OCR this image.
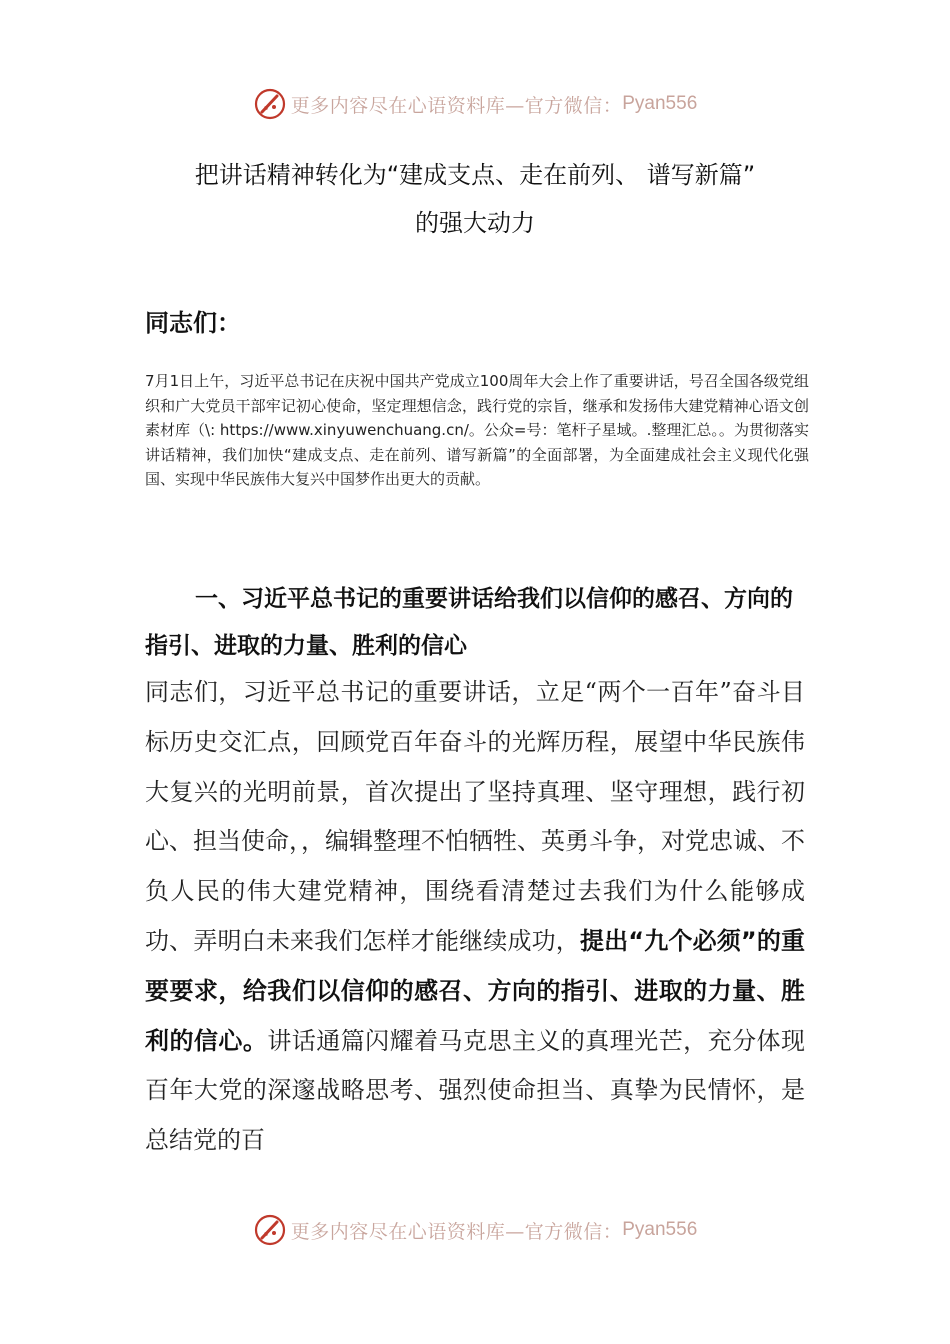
更多内容尽在心语资料库—官方微信： Pyan556
把讲话精神转化为“建成支点、走在前列、 谱写新篇”
的强大动力
同志们：
7月1日上午，习近平总书记在庆祝中国共产党成立100周年大会上作了重要讲话，号召全国各级党组织和广大党员干部牢记初心使命，坚定理想信念，践行党的宗旨，继承和发扬伟大建党精神心语文创素材库（\: https://www.xinyuwenchuang.cn/。公众=号：笔杆子星域。.整理汇总。。为贯彻落实讲话精神，我们加快“建成支点、走在前列、谱写新篇”的全面部署，为全面建成社会主义现代化强国、实现中华民族伟大复兴中国梦作出更大的贡献。
一、习近平总书记的重要讲话给我们以信仰的感召、方向的指引、进取的力量、胜利的信心
同志们，习近平总书记的重要讲话，立足“两个一百年”奋斗目标历史交汇点，回顾党百年奋斗的光辉历程，展望中华民族伟大复兴的光明前景，首次提出了坚持真理、坚守理想，践行初心、担当使命，，编辑整理不怕牺牲、英勇斗争，对党忠诚、不负人民的伟大建党精神，围绕看清楚过去我们为什么能够成功、弄明白未来我们怎样才能继续成功，提出“九个必须”的重要要求，给我们以信仰的感召、方向的指引、进取的力量、胜利的信心。讲话通篇闪耀着马克思主义的真理光芒，充分体现百年大党的深邃战略思考、强烈使命担当、真挚为民情怀，是总结党的百
更多内容尽在心语资料库—官方微信： Pyan556
